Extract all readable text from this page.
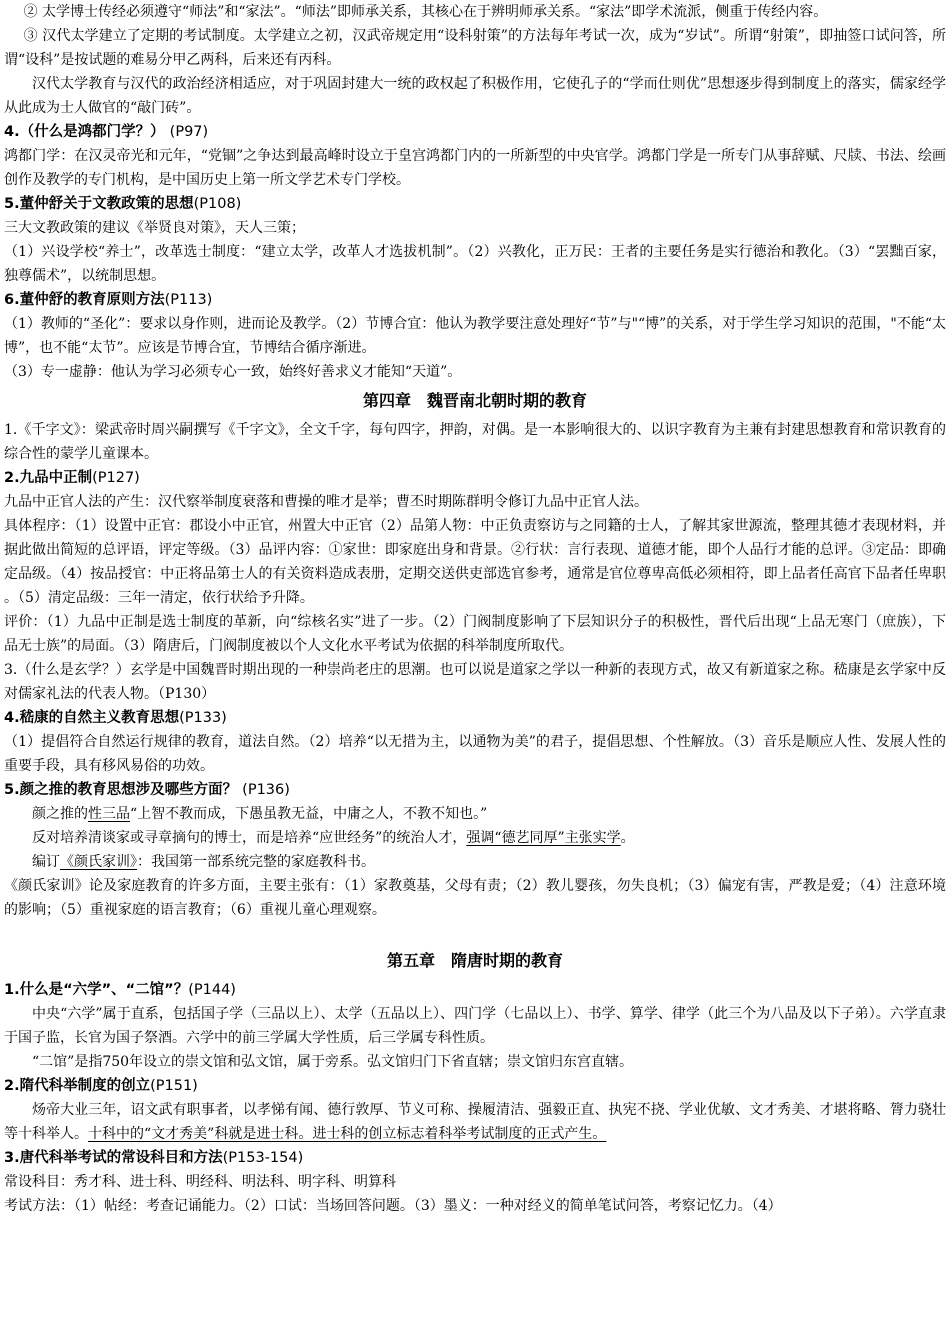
② 太学博士传经必须遵守“师法”和“家法”。“师法”即师承关系，其核心在于辨明师承关系。“家法”即学术流派，侧重于传经内容。

③ 汉代太学建立了定期的考试制度。太学建立之初，汉武帝规定用“设科射策”的方法每年考试一次，成为“岁试”。所谓“射策”，即抽签口试问答，所谓“设科”是按试题的难易分甲乙两科，后来还有丙科。

汉代太学教育与汉代的政治经济相适应，对于巩固封建大一统的政权起了积极作用，它使孔子的“学而仕则优”思想逐步得到制度上的落实，儒家经学从此成为士人做官的“敲门砖”。

4.（什么是鸿都门学？） (P97)

鸿都门学：在汉灵帝光和元年，“党锢”之争达到最高峰时设立于皇宫鸿都门内的一所新型的中央官学。鸿都门学是一所专门从事辞赋、尺牍、书法、绘画创作及教学的专门机构，是中国历史上第一所文学艺术专门学校。

5.董仲舒关于文教政策的思想(P108)

三大文教政策的建议《举贤良对策》，天人三策；

（1）兴设学校“养士”，改革选士制度：“建立太学，改革人才选拔机制”。（2）兴教化，正万民：王者的主要任务是实行德治和教化。（3）“罢黜百家，独尊儒术”，以统制思想。

6.董仲舒的教育原则方法(P113)

（1）教师的“圣化”：要求以身作则，进而论及教学。（2）节博合宜：他认为教学要注意处理好“节”与"“博”的关系，对于学生学习知识的范围，"不能“太博”，也不能“太节”。应该是节博合宜，节博结合循序渐进。

（3）专一虚静：他认为学习必须专心一致，始终好善求义才能知“天道”。

第四章　魏晋南北朝时期的教育

1.《千字文》：梁武帝时周兴嗣撰写《千字文》，全文千字，每句四字，押韵，对偶。是一本影响很大的、以识字教育为主兼有封建思想教育和常识教育的综合性的蒙学儿童课本。

2.九品中正制(P127)

九品中正官人法的产生：汉代察举制度衰落和曹操的唯才是举；曹丕时期陈群明令修订九品中正官人法。

具体程序：（1）设置中正官：郡设小中正官，州置大中正官（2）品第人物：中正负责察访与之同籍的士人，了解其家世源流，整理其德才表现材料，并据此做出简短的总评语，评定等级。（3）品评内容：①家世：即家庭出身和背景。②行状：言行表现、道德才能，即个人品行才能的总评。③定品：即确定品级。（4）按品授官：中正将品第士人的有关资料造成表册，定期交送供吏部选官参考，通常是官位尊卑高低必须相符，即上品者任高官下品者任卑职。（5）清定品级：三年一清定，依行状给予升降。

评价：（1）九品中正制是选士制度的革新，向“综核名实”进了一步。（2）门阀制度影响了下层知识分子的积极性，晋代后出现“上品无寒门（庶族），下品无士族”的局面。（3）隋唐后，门阀制度被以个人文化水平考试为依据的科举制度所取代。

3.（什么是玄学？）玄学是中国魏晋时期出现的一种崇尚老庄的思潮。也可以说是道家之学以一种新的表现方式，故又有新道家之称。嵇康是玄学家中反对儒家礼法的代表人物。（P130）

4.嵇康的自然主义教育思想(P133)

（1）提倡符合自然运行规律的教育，道法自然。（2）培养“以无措为主，以通物为美”的君子，提倡思想、个性解放。（3）音乐是顺应人性、发展人性的重要手段，具有移风易俗的功效。

5.颜之推的教育思想涉及哪些方面？ (P136)

颜之推的性三品“上智不教而成，下愚虽教无益，中庸之人，不教不知也。”

反对培养清谈家或寻章摘句的博士，而是培养“应世经务”的统治人才，强调“德艺同厚”主张实学。

编订《颜氏家训》：我国第一部系统完整的家庭教科书。

《颜氏家训》论及家庭教育的许多方面，主要主张有：（1）家教奠基，父母有责；（2）教儿婴孩，勿失良机；（3）偏宠有害，严教是爱；（4）注意环境的影响；（5）重视家庭的语言教育；（6）重视儿童心理观察。

第五章　隋唐时期的教育

1.什么是“六学”、“二馆”？(P144)

中央“六学”属于直系，包括国子学（三品以上）、太学（五品以上）、四门学（七品以上）、书学、算学、律学（此三个为八品及以下子弟）。六学直隶于国子监，长官为国子祭酒。六学中的前三学属大学性质，后三学属专科性质。

“二馆”是指750年设立的崇文馆和弘文馆，属于旁系。弘文馆归门下省直辖；崇文馆归东宫直辖。

2.隋代科举制度的创立(P151)

炀帝大业三年，诏文武有职事者，以孝悌有闻、德行敦厚、节义可称、操履清洁、强毅正直、执宪不挠、学业优敏、文才秀美、才堪将略、膂力骁壮等十科举人。十科中的“文才秀美”科就是进士科。进士科的创立标志着科举考试制度的正式产生。

3.唐代科举考试的常设科目和方法(P153-154)

常设科目：秀才科、进士科、明经科、明法科、明字科、明算科

考试方法：（1）帖经：考查记诵能力。（2）口试：当场回答问题。（3）墨义：一种对经义的简单笔试问答，考察记忆力。（4）
